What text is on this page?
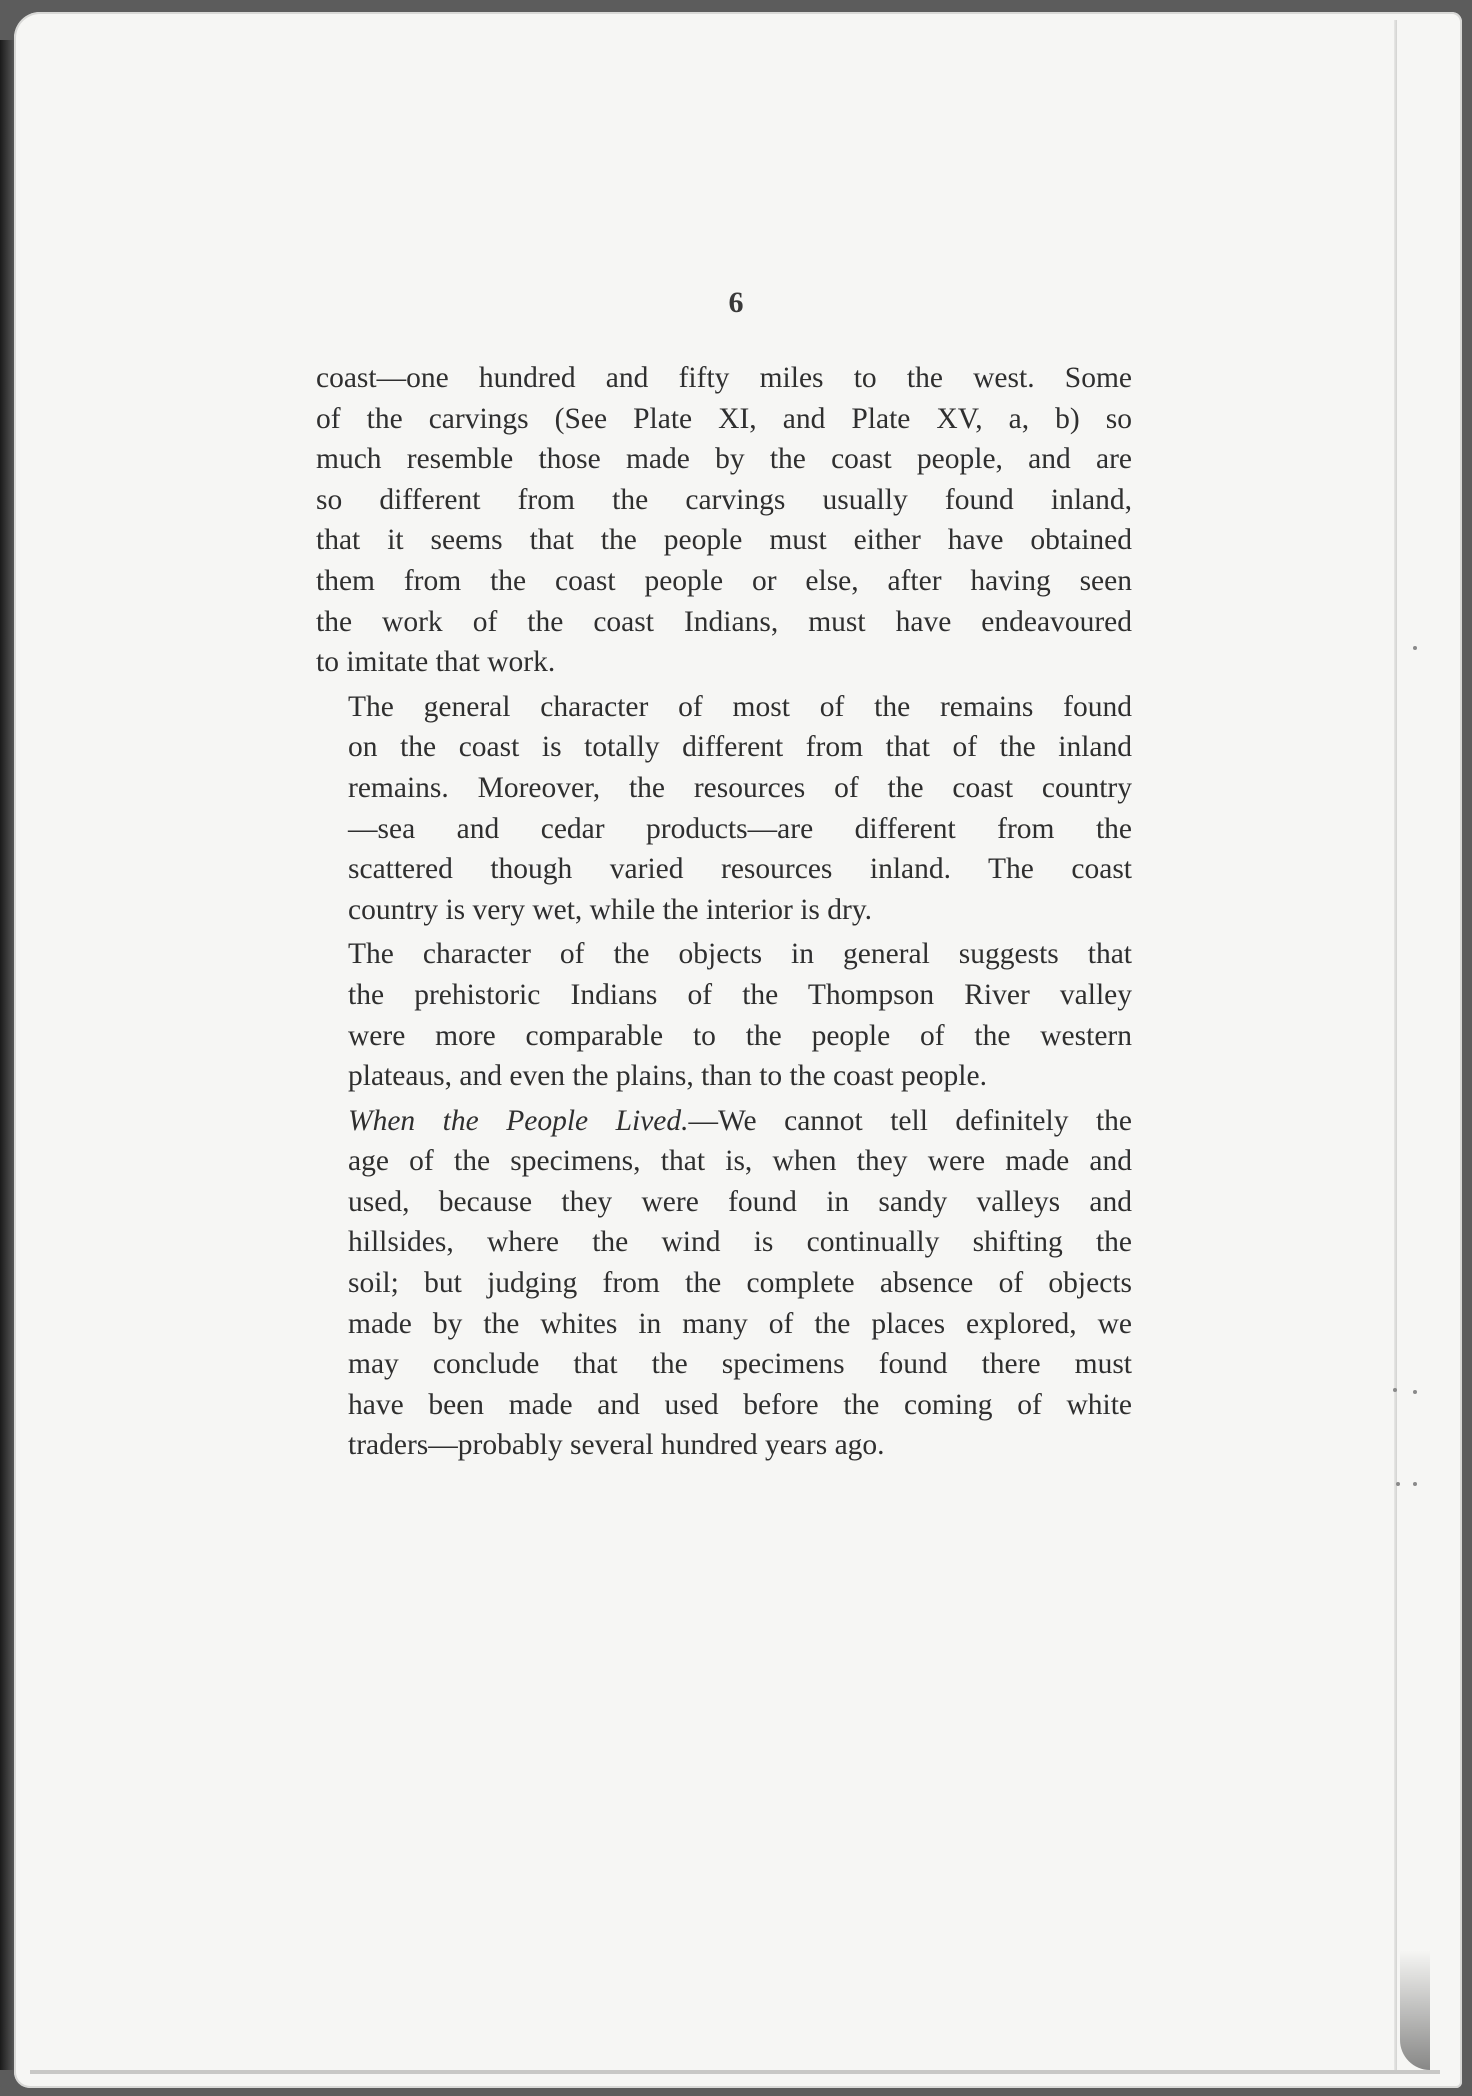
6

coast—one hundred and fifty miles to the west. Some
of the carvings (See Plate XI, and Plate XV, a, b) so
much resemble those made by the coast people, and are
so different from the carvings usually found inland,
that it seems that the people must either have obtained
them from the coast people or else, after having seen
the work of the coast Indians, must have endeavoured
to imitate that work.

The general character of most of the remains found
on the coast is totally different from that of the inland
remains. Moreover, the resources of the coast country
—sea and cedar products—are different from the
scattered though varied resources inland. The coast
country is very wet, while the interior is dry.

The character of the objects in general suggests that
the prehistoric Indians of the Thompson River valley
were more comparable to the people of the western
plateaus, and even the plains, than to the coast people.

When the People Lived.—We cannot tell definitely the
age of the specimens, that is, when they were made and
used, because they were found in sandy valleys and
hillsides, where the wind is continually shifting the
soil; but judging from the complete absence of objects
made by the whites in many of the places explored, we
may conclude that the specimens found there must
have been made and used before the coming of white
traders—probably several hundred years ago.
